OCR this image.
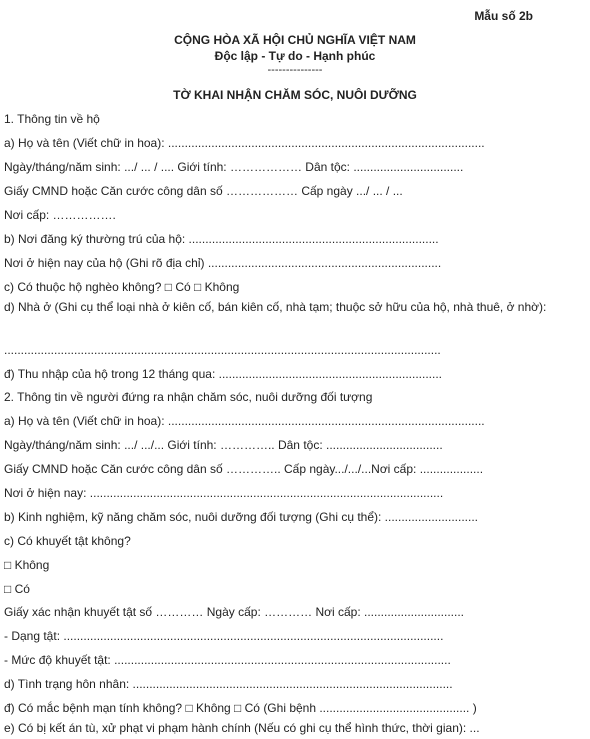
Mẫu số 2b
CỘNG HÒA XÃ HỘI CHỦ NGHĨA VIỆT NAM
Độc lập - Tự do - Hạnh phúc
---------------
TỜ KHAI NHẬN CHĂM SÓC, NUÔI DƯỠNG
1. Thông tin về hộ
a) Họ và tên (Viết chữ in hoa): ...............................................................................................
Ngày/tháng/năm sinh: .../ ... / .... Giới tính: ……………… Dân tộc: .................................
Giấy CMND hoặc Căn cước công dân số ……………… Cấp ngày .../ ... / ...
Nơi cấp: …………….
b) Nơi đăng ký thường trú của hộ: ...........................................................................
Nơi ở hiện nay của hộ (Ghi rõ địa chỉ) ......................................................................
c) Có thuộc hộ nghèo không? □ Có □ Không
d) Nhà ở (Ghi cụ thể loại nhà ở kiên cố, bán kiên cố, nhà tạm; thuộc sở hữu của hộ, nhà thuê, ở nhờ):
...................................................................................................................................
đ) Thu nhập của hộ trong 12 tháng qua: ...................................................................
2. Thông tin về người đứng ra nhận chăm sóc, nuôi dưỡng đối tượng
a) Họ và tên (Viết chữ in hoa): ...............................................................................................
Ngày/tháng/năm sinh: .../ .../... Giới tính: ………….. Dân tộc: ...................................
Giấy CMND hoặc Căn cước công dân số ………….. Cấp ngày.../.../...Nơi cấp: ...................
Nơi ở hiện nay: ..........................................................................................................
b) Kinh nghiệm, kỹ năng chăm sóc, nuôi dưỡng đối tượng (Ghi cụ thể): ............................
c) Có khuyết tật không?
□ Không
□ Có
Giấy xác nhận khuyết tật số ………… Ngày cấp: ………… Nơi cấp: ..............................
- Dạng tật: ..................................................................................................................
- Mức độ khuyết tật: .....................................................................................................
d) Tình trạng hôn nhân: ................................................................................................
đ) Có mắc bệnh mạn tính không? □ Không □ Có (Ghi bệnh ............................................. )
e) Có bị kết án tù, xử phạt vi phạm hành chính (Nếu có ghi cụ thể hình thức, thời gian): ...
